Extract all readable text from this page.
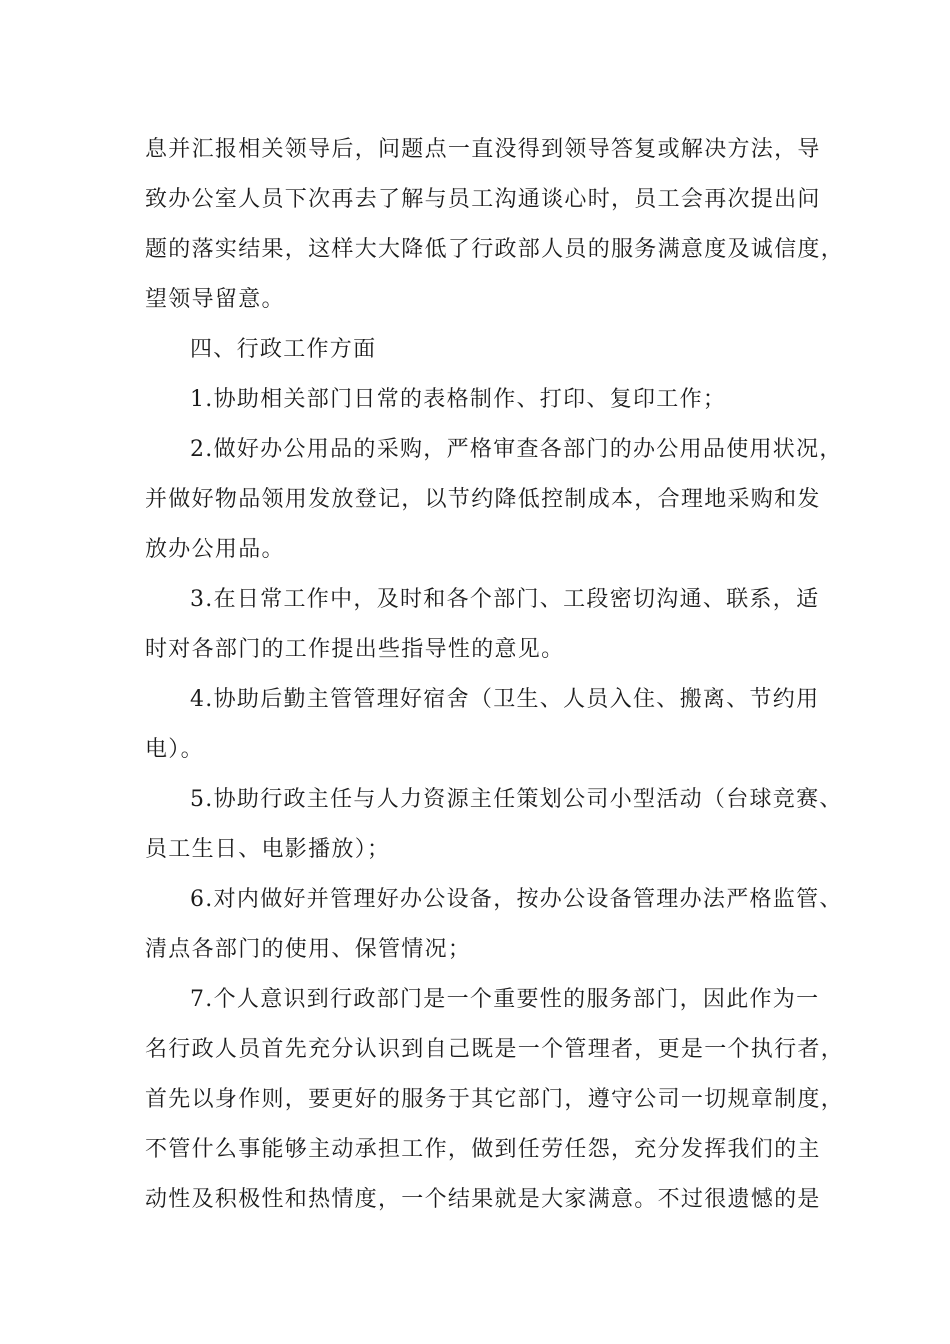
息并汇报相关领导后，问题点一直没得到领导答复或解决方法，导
致办公室人员下次再去了解与员工沟通谈心时，员工会再次提出问
题的落实结果，这样大大降低了行政部人员的服务满意度及诚信度，
望领导留意。
四、行政工作方面
1.协助相关部门日常的表格制作、打印、复印工作；
2.做好办公用品的采购，严格审查各部门的办公用品使用状况，
并做好物品领用发放登记，以节约降低控制成本，合理地采购和发
放办公用品。
3.在日常工作中，及时和各个部门、工段密切沟通、联系，适
时对各部门的工作提出些指导性的意见。
4.协助后勤主管管理好宿舍（卫生、人员入住、搬离、节约用
电）。
5.协助行政主任与人力资源主任策划公司小型活动（台球竞赛、
员工生日、电影播放）；
6.对内做好并管理好办公设备，按办公设备管理办法严格监管、
清点各部门的使用、保管情况；
7.个人意识到行政部门是一个重要性的服务部门，因此作为一
名行政人员首先充分认识到自己既是一个管理者，更是一个执行者，
首先以身作则，要更好的服务于其它部门，遵守公司一切规章制度，
不管什么事能够主动承担工作，做到任劳任怨，充分发挥我们的主
动性及积极性和热情度，一个结果就是大家满意。不过很遗憾的是
